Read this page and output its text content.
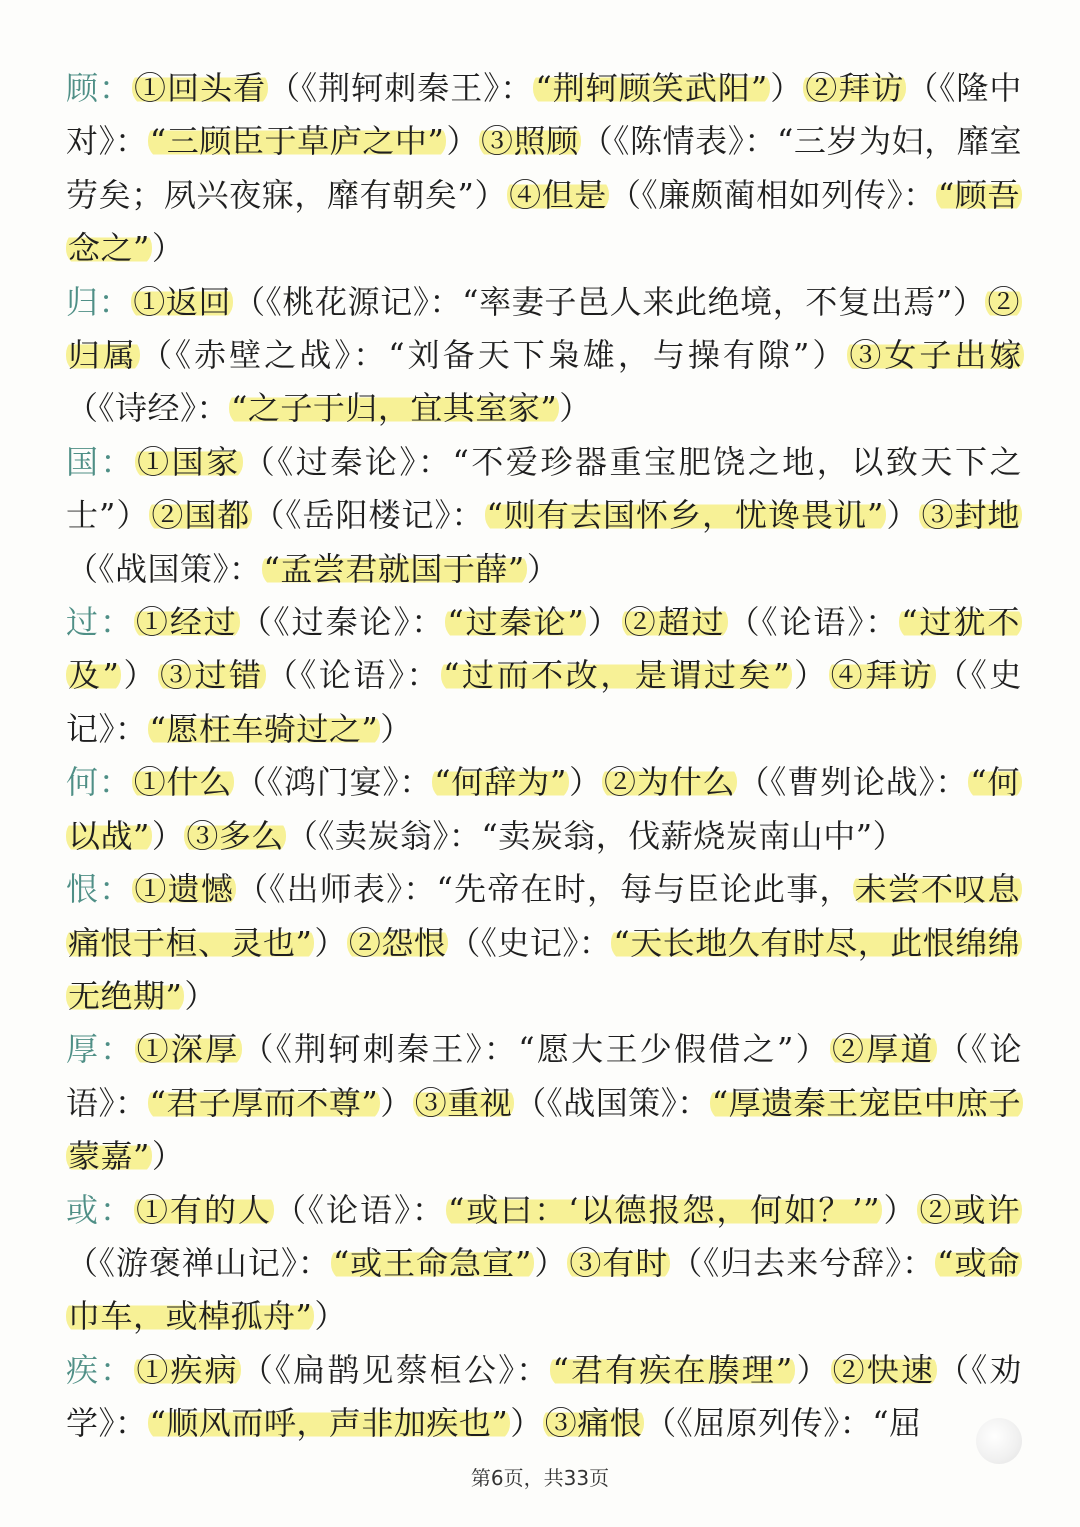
顾：①回头看（《荆轲刺秦王》：“荆轲顾笑武阳”）②拜访（《隆中对》：“三顾臣于草庐之中”）③照顾（《陈情表》：“三岁为妇，靡室劳矣；夙兴夜寐，靡有朝矣”）④但是（《廉颇蔺相如列传》：“顾吾念之”）
归：①返回（《桃花源记》：“率妻子邑人来此绝境，不复出焉”）②归属（《赤壁之战》：“刘备天下枭雄，与操有隙”）③女子出嫁（《诗经》：“之子于归，宜其室家”）
国：①国家（《过秦论》：“不爱珍器重宝肥饶之地，以致天下之士”）②国都（《岳阳楼记》：“则有去国怀乡，忧谗畏讥”）③封地（《战国策》：“孟尝君就国于薛”）
过：①经过（《过秦论》：“过秦论”）②超过（《论语》：“过犹不及”）③过错（《论语》：“过而不改，是谓过矣”）④拜访（《史记》：“愿枉车骑过之”）
何：①什么（《鸿门宴》：“何辞为”）②为什么（《曹刿论战》：“何以战”）③多么（《卖炭翁》：“卖炭翁，伐薪烧炭南山中”）
恨：①遗憾（《出师表》：“先帝在时，每与臣论此事，未尝不叹息痛恨于桓、灵也”）②怨恨（《史记》：“天长地久有时尽，此恨绵绵无绝期”）
厚：①深厚（《荆轲刺秦王》：“愿大王少假借之”）②厚道（《论语》：“君子厚而不尊”）③重视（《战国策》：“厚遗秦王宠臣中庶子蒙嘉”）
或：①有的人（《论语》：“或曰：‘以德报怨，何如？’”）②或许（《游褒禅山记》：“或王命急宣”）③有时（《归去来兮辞》：“或命巾车，或棹孤舟”）
疾：①疾病（《扁鹊见蔡桓公》：“君有疾在腠理”）②快速（《劝学》：“顺风而呼，声非加疾也”）③痛恨（《屈原列传》：“屈
第6页，共33页
